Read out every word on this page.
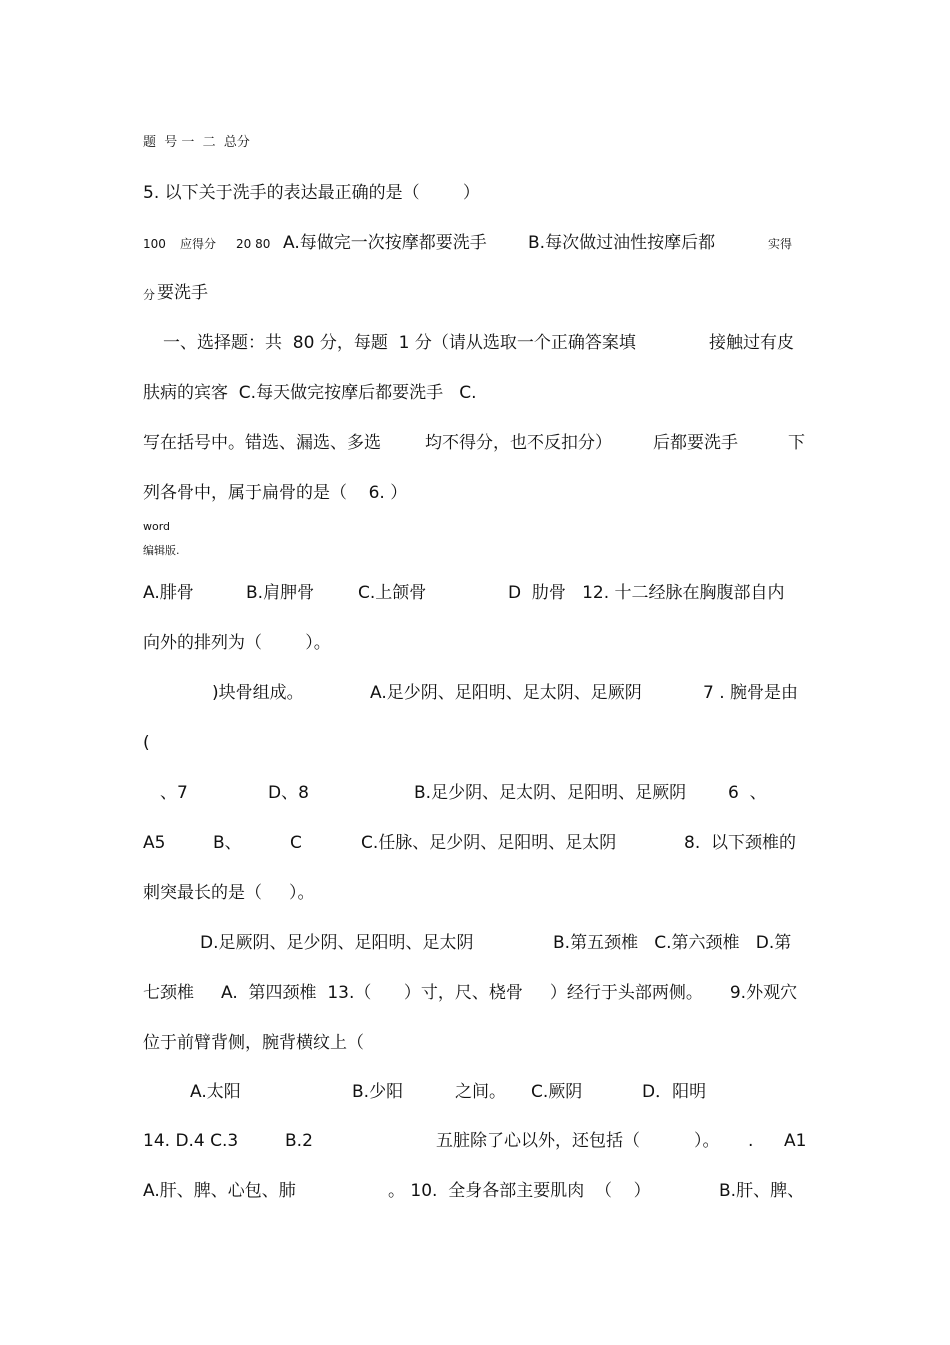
题  号 一  二  总分
5. 以下关于洗手的表达最正确的是（        ）
100 应得分 20 80 A.每做完一次按摩都要洗手 B.每次做过油性按摩后都	实得
分 要洗手
一、选择题：共  80 分，每题  1 分（请从选取一个正确答案填	接触过有皮
肤病的宾客  C.每天做完按摩后都要洗手   C.
写在括号中。错选、漏选、多选	均不得分，也不反扣分） 后都要洗手	下
列各骨中，属于扁骨的是（    6. ）
word
编辑版.
A.腓骨	B.肩胛骨	C.上颌骨	D  肋骨   12. 十二经脉在胸腹部自内
向外的排列为（        ）。
)块骨组成。	A.足少阴、足阳明、足太阴、足厥阴	7 . 腕骨是由
(
、7	D、8	B.足少阴、足太阴、足阳明、足厥阴 6  、
A5	B、	C	C.任脉、足少阴、足阳明、足太阴	8.  以下颈椎的
刺突最长的是（     ）。
D.足厥阴、足少阴、足阳明、足太阴	B.第五颈椎   C.第六颈椎   D.第
七颈椎     A.  第四颈椎  13.（      ）寸，尺、桡骨     ）经行于头部两侧。     9.外观穴
位于前臂背侧，腕背横纹上（
A.太阳	B.少阳	之间。 C.厥阴	D．阳明
14. D.4 C.3	B.2	五脏除了心以外，还包括（          ）。 . A1
A.肝、脾、心包、肺	。 10.  全身各部主要肌肉  （    ）	B.肝、脾、
